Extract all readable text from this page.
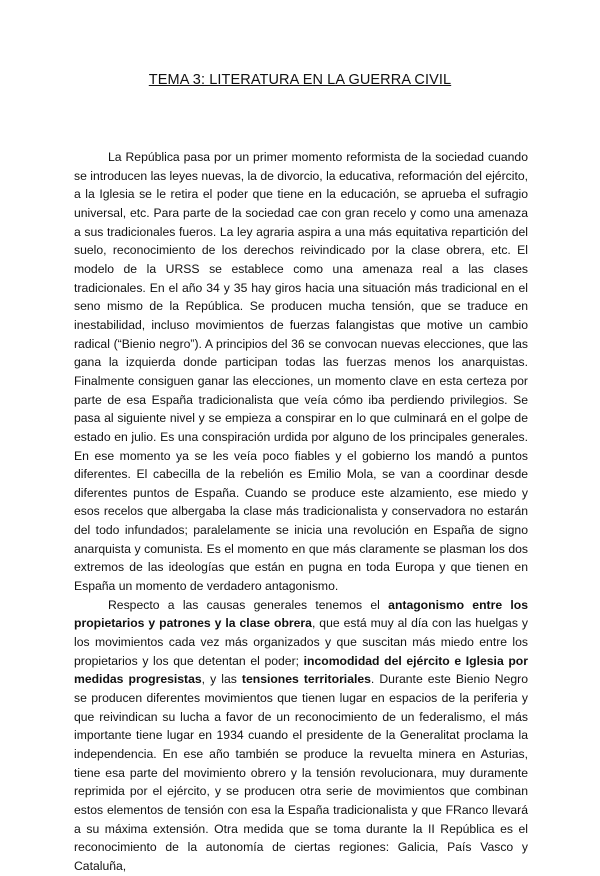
TEMA 3: LITERATURA EN LA GUERRA CIVIL

La República pasa por un primer momento reformista de la sociedad cuando se introducen las leyes nuevas, la de divorcio, la educativa, reformación del ejército, a la Iglesia se le retira el poder que tiene en la educación, se aprueba el sufragio universal, etc. Para parte de la sociedad cae con gran recelo y como una amenaza a sus tradicionales fueros. La ley agraria aspira a una más equitativa repartición del suelo, reconocimiento de los derechos reivindicado por la clase obrera, etc. El modelo de la URSS se establece como una amenaza real a las clases tradicionales. En el año 34 y 35 hay giros hacia una situación más tradicional en el seno mismo de la República. Se producen mucha tensión, que se traduce en inestabilidad, incluso movimientos de fuerzas falangistas que motive un cambio radical (“Bienio negro”). A principios del 36 se convocan nuevas elecciones, que las gana la izquierda donde participan todas las fuerzas menos los anarquistas. Finalmente consiguen ganar las elecciones, un momento clave en esta certeza por parte de esa España tradicionalista que veía cómo iba perdiendo privilegios. Se pasa al siguiente nivel y se empieza a conspirar en lo que culminará en el golpe de estado en julio. Es una conspiración urdida por alguno de los principales generales. En ese momento ya se les veía poco fiables y el gobierno los mandó a puntos diferentes. El cabecilla de la rebelión es Emilio Mola, se van a coordinar desde diferentes puntos de España. Cuando se produce este alzamiento, ese miedo y esos recelos que albergaba la clase más tradicionalista y conservadora no estarán del todo infundados; paralelamente se inicia una revolución en España de signo anarquista y comunista. Es el momento en que más claramente se plasman los dos extremos de las ideologías que están en pugna en toda Europa y que tienen en España un momento de verdadero antagonismo.

Respecto a las causas generales tenemos el antagonismo entre los propietarios y patrones y la clase obrera, que está muy al día con las huelgas y los movimientos cada vez más organizados y que suscitan más miedo entre los propietarios y los que detentan el poder; incomodidad del ejército e Iglesia por medidas progresistas, y las tensiones territoriales. Durante este Bienio Negro se producen diferentes movimientos que tienen lugar en espacios de la periferia y que reivindican su lucha a favor de un reconocimiento de un federalismo, el más importante tiene lugar en 1934 cuando el presidente de la Generalitat proclama la independencia. En ese año también se produce la revuelta minera en Asturias, tiene esa parte del movimiento obrero y la tensión revolucionara, muy duramente reprimida por el ejército, y se producen otra serie de movimientos que combinan estos elementos de tensión con esa la España tradicionalista y que FRanco llevará a su máxima extensión. Otra medida que se toma durante la II República es el reconocimiento de la autonomía de ciertas regiones: Galicia, País Vasco y Cataluña,
